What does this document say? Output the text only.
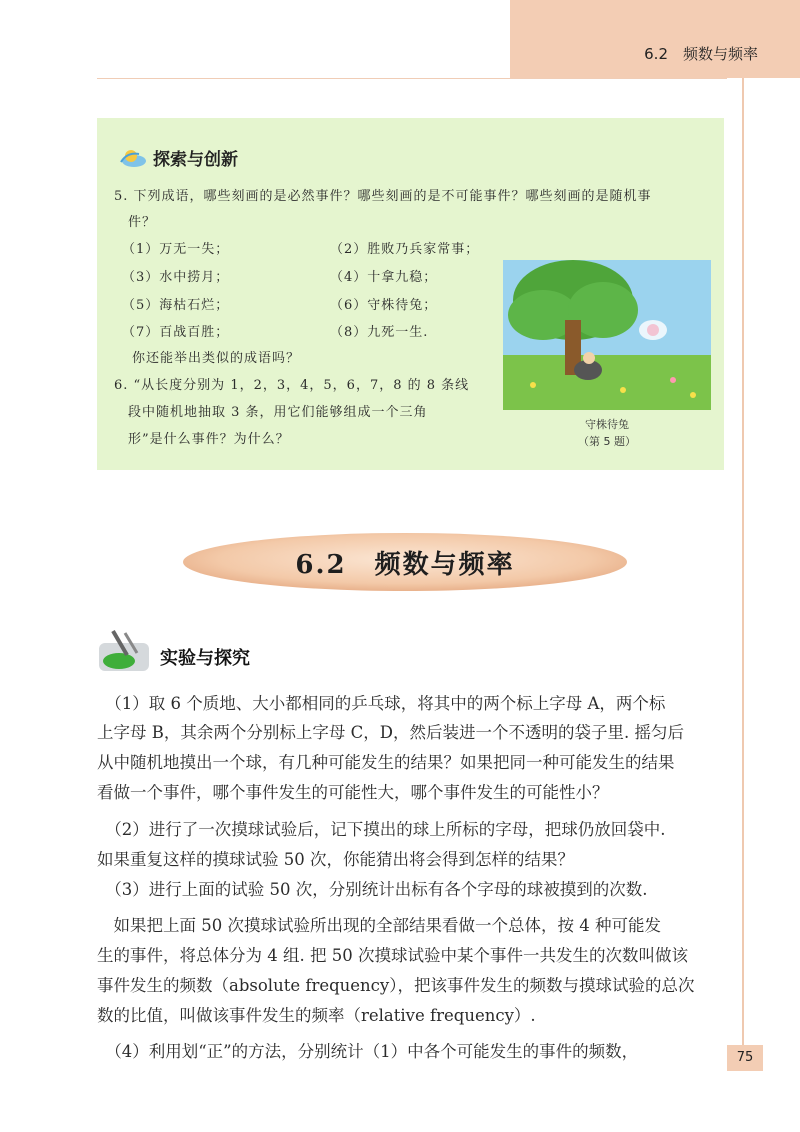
6.2　频数与频率
探索与创新
5. 下列成语，哪些刻画的是必然事件？哪些刻画的是不可能事件？哪些刻画的是随机事
件？
（1）万无一失；	（2）胜败乃兵家常事；
（3）水中捞月；	（4）十拿九稳；
（5）海枯石烂；	（6）守株待兔；
（7）百战百胜；	（8）九死一生.
你还能举出类似的成语吗？
6. “从长度分别为 1，2，3，4，5，6，7，8 的 8 条线
段中随机地抽取 3 条，用它们能够组成一个三角
形”是什么事件？为什么？
守株待兔
（第 5 题）
6.2　频数与频率
实验与探究
　（1）取 6 个质地、大小都相同的乒乓球，将其中的两个标上字母 A，两个标
上字母 B，其余两个分别标上字母 C，D，然后装进一个不透明的袋子里. 摇匀后
从中随机地摸出一个球，有几种可能发生的结果？如果把同一种可能发生的结果
看做一个事件，哪个事件发生的可能性大，哪个事件发生的可能性小？
　（2）进行了一次摸球试验后，记下摸出的球上所标的字母，把球仍放回袋中.
如果重复这样的摸球试验 50 次，你能猜出将会得到怎样的结果？
　（3）进行上面的试验 50 次，分别统计出标有各个字母的球被摸到的次数.
　如果把上面 50 次摸球试验所出现的全部结果看做一个总体，按 4 种可能发
生的事件，将总体分为 4 组. 把 50 次摸球试验中某个事件一共发生的次数叫做该
事件发生的频数（absolute frequency），把该事件发生的频数与摸球试验的总次
数的比值，叫做该事件发生的频率（relative frequency）.
　（4）利用划“正”的方法，分别统计（1）中各个可能发生的事件的频数，	75
